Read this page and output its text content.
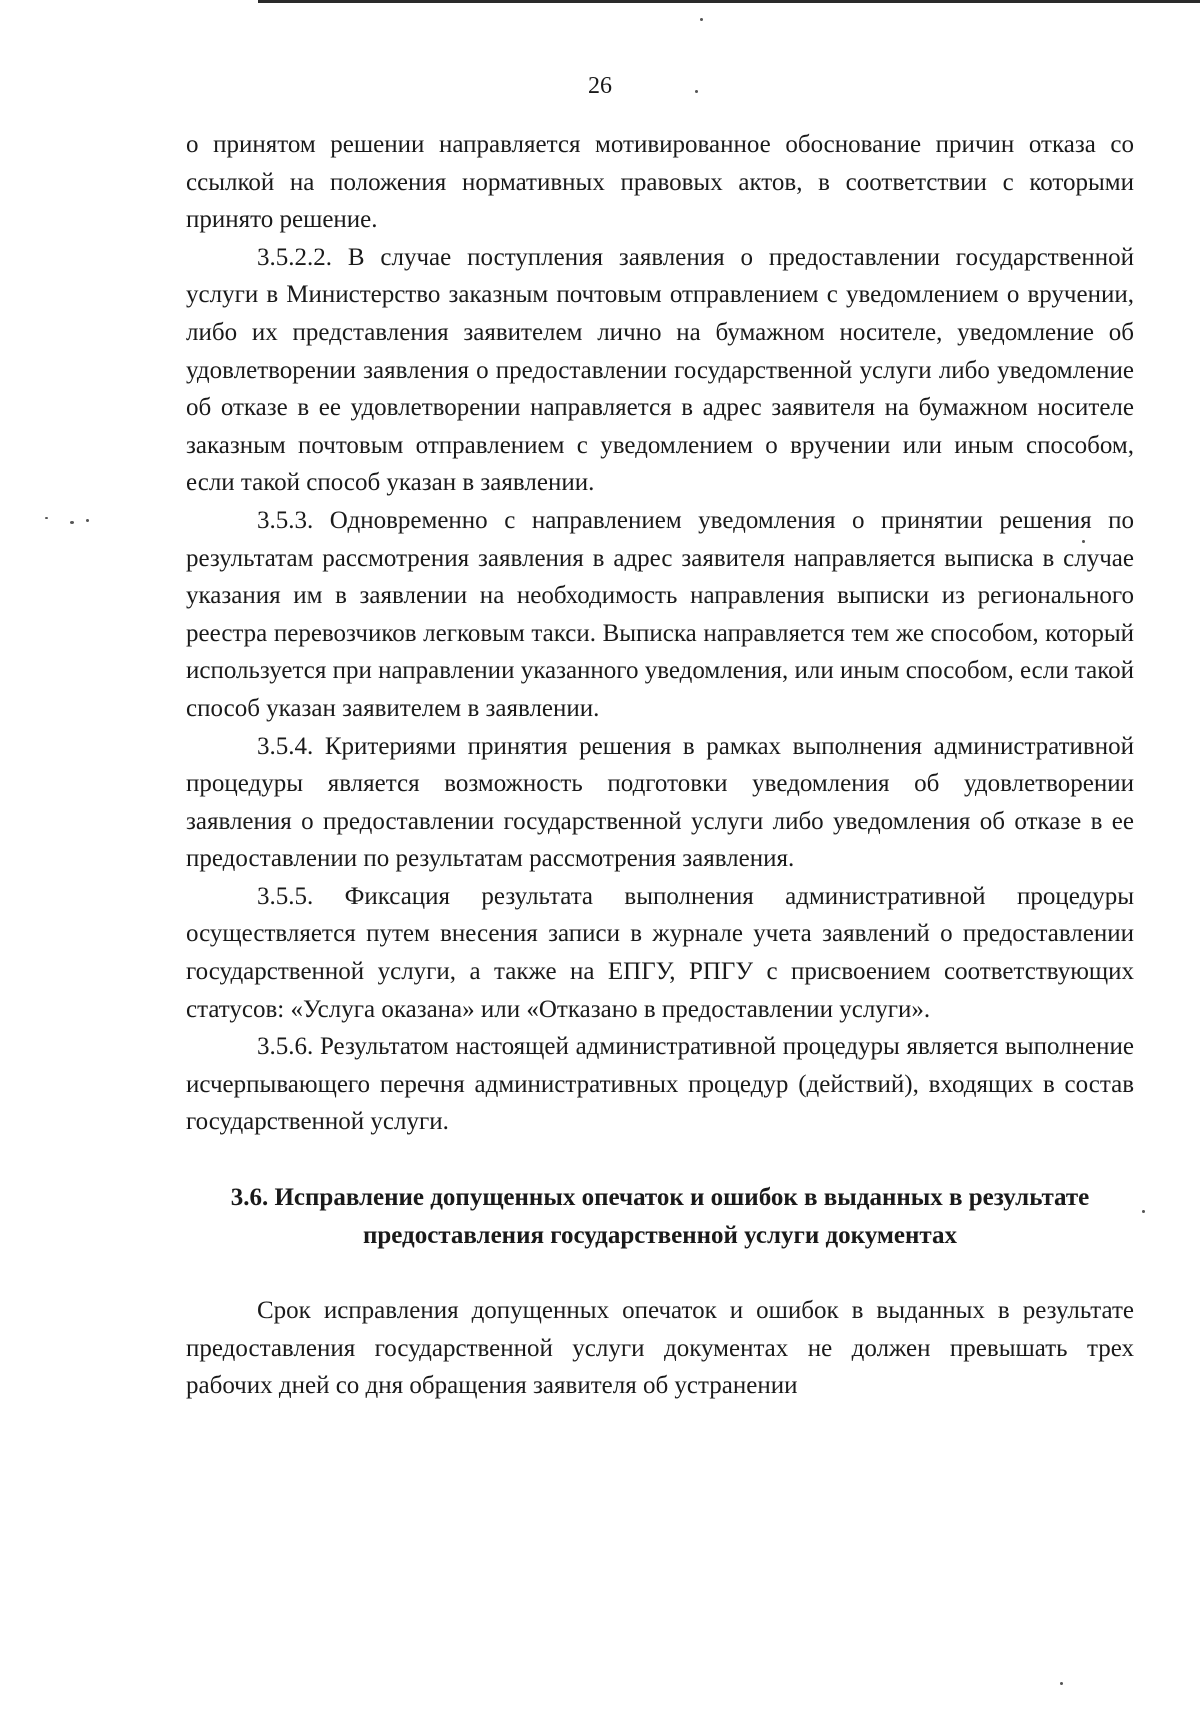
26

о принятом решении направляется мотивированное обоснование причин отказа со ссылкой на положения нормативных правовых актов, в соответствии с которыми принято решение.

3.5.2.2. В случае поступления заявления о предоставлении государственной услуги в Министерство заказным почтовым отправлением с уведомлением о вручении, либо их представления заявителем лично на бумажном носителе, уведомление об удовлетворении заявления о предоставлении государственной услуги либо уведомление об отказе в ее удовлетворении направляется в адрес заявителя на бумажном носителе заказным почтовым отправлением с уведомлением о вручении или иным способом, если такой способ указан в заявлении.

3.5.3. Одновременно с направлением уведомления о принятии решения по результатам рассмотрения заявления в адрес заявителя направляется выписка в случае указания им в заявлении на необходимость направления выписки из регионального реестра перевозчиков легковым такси. Выписка направляется тем же способом, который используется при направлении указанного уведомления, или иным способом, если такой способ указан заявителем в заявлении.

3.5.4. Критериями принятия решения в рамках выполнения административной процедуры является возможность подготовки уведомления об удовлетворении заявления о предоставлении государственной услуги либо уведомления об отказе в ее предоставлении по результатам рассмотрения заявления.

3.5.5. Фиксация результата выполнения административной процедуры осуществляется путем внесения записи в журнале учета заявлений о предоставлении государственной услуги, а также на ЕПГУ, РПГУ с присвоением соответствующих статусов: «Услуга оказана» или «Отказано в предоставлении услуги».

3.5.6. Результатом настоящей административной процедуры является выполнение исчерпывающего перечня административных процедур (действий), входящих в состав государственной услуги.

3.6. Исправление допущенных опечаток и ошибок в выданных в результате предоставления государственной услуги документах

Срок исправления допущенных опечаток и ошибок в выданных в результате предоставления государственной услуги документах не должен превышать трех рабочих дней со дня обращения заявителя об устранении
